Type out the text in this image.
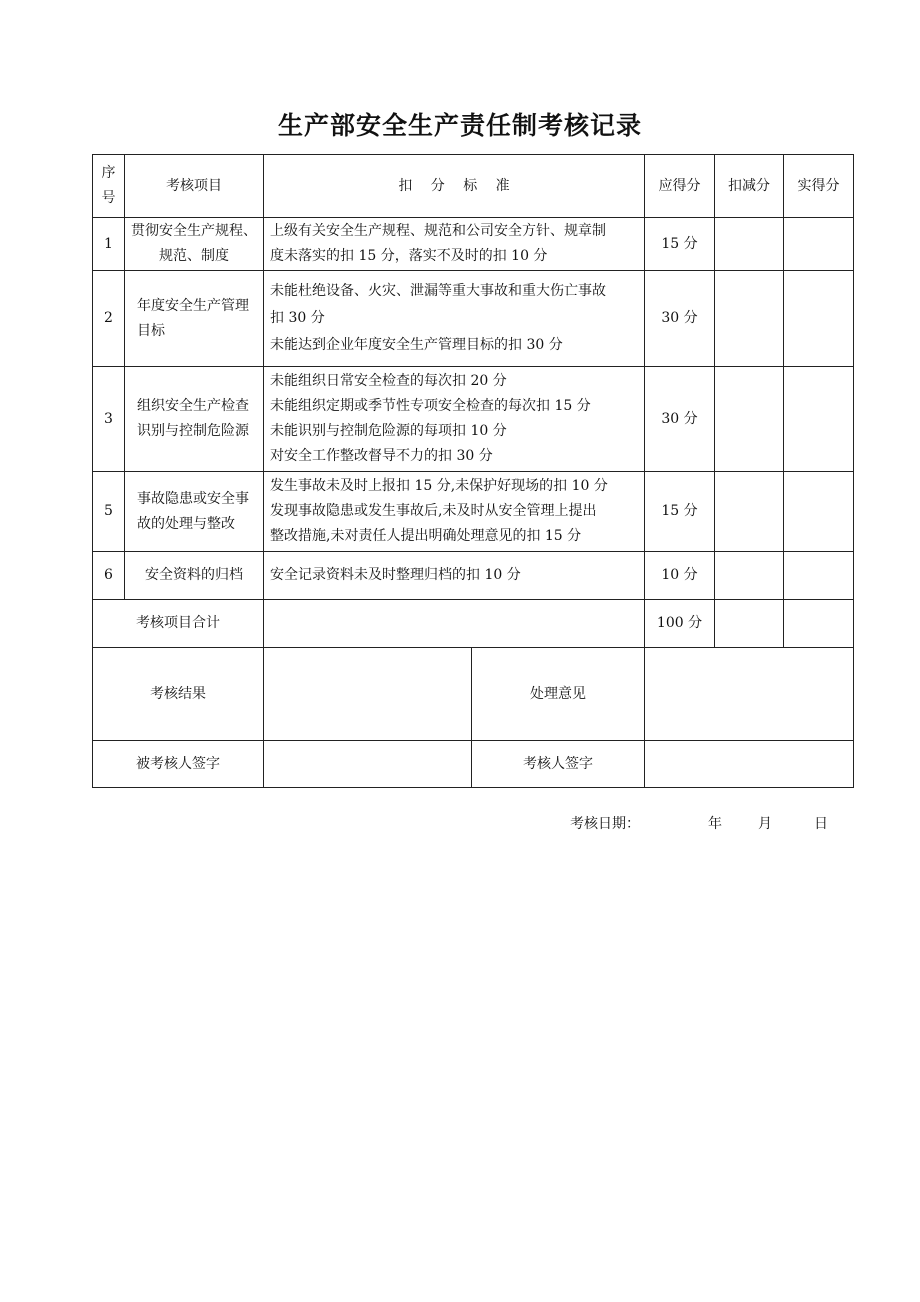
生产部安全生产责任制考核记录
序号	考核项目	扣 分 标 准		应得分	扣减分	实得分
1	贯彻安全生产规程、规范、制度	上级有关安全生产规程、规范和公司安全方针、规章制
度未落实的扣 15 分，落实不及时的扣 10 分		15 分		
2	年度安全生产管理目标	未能杜绝设备、火灾、泄漏等重大事故和重大伤亡事故
扣 30 分
未能达到企业年度安全生产管理目标的扣 30 分		30 分		
3	组织安全生产检查识别与控制危险源	未能组织日常安全检查的每次扣 20 分
未能组织定期或季节性专项安全检查的每次扣 15 分
未能识别与控制危险源的每项扣 10 分
对安全工作整改督导不力的扣 30 分		30 分		
5	事故隐患或安全事故的处理与整改	发生事故未及时上报扣 15 分,未保护好现场的扣 10 分
发现事故隐患或发生事故后,未及时从安全管理上提出
整改措施,未对责任人提出明确处理意见的扣 15 分		15 分		
6	安全资料的归档	安全记录资料未及时整理归档的扣 10 分		10 分		
考核项目合计				100 分		
考核结果			处理意见			
被考核人签字			考核人签字			
考核日期：	年	月	日
